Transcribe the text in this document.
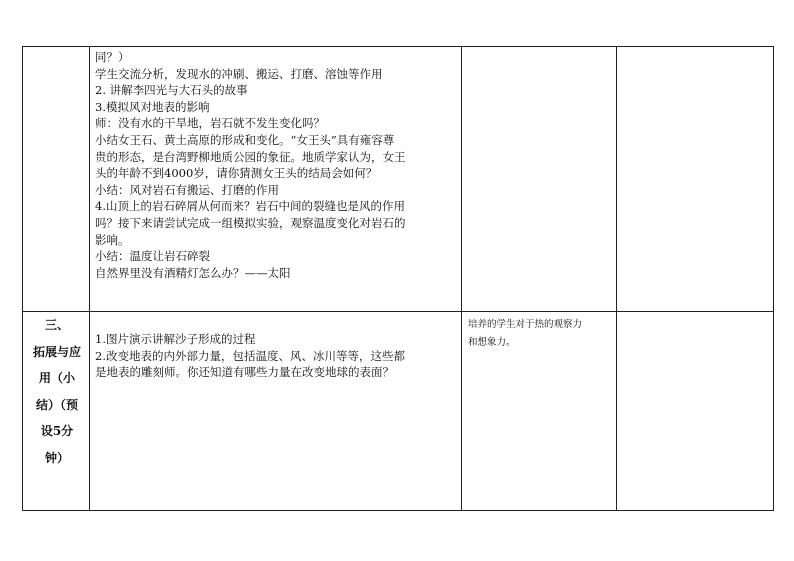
同？）
学生交流分析，发现水的冲刷、搬运、打磨、溶蚀等作用
2. 讲解李四光与大石头的故事
3.模拟风对地表的影响
师：没有水的干旱地，岩石就不发生变化吗？
小结女王石、黄土高原的形成和变化。“女王头”具有雍容尊
贵的形态，是台湾野柳地质公园的象征。地质学家认为，女王
头的年龄不到4000岁，请你猜测女王头的结局会如何？
小结：风对岩石有搬运、打磨的作用
4.山顶上的岩石碎屑从何而来？岩石中间的裂缝也是风的作用
吗？接下来请尝试完成一组模拟实验，观察温度变化对岩石的
影响。
小结：温度让岩石碎裂
自然界里没有酒精灯怎么办？——太阳
三、
拓展与应
用（小
结）（预
设5分
钟）
1.图片演示讲解沙子形成的过程
2.改变地表的内外部力量，包括温度、风、冰川等等，这些都
是地表的雕刻师。你还知道有哪些力量在改变地球的表面？
培养的学生对于热的观察力
和想象力。
